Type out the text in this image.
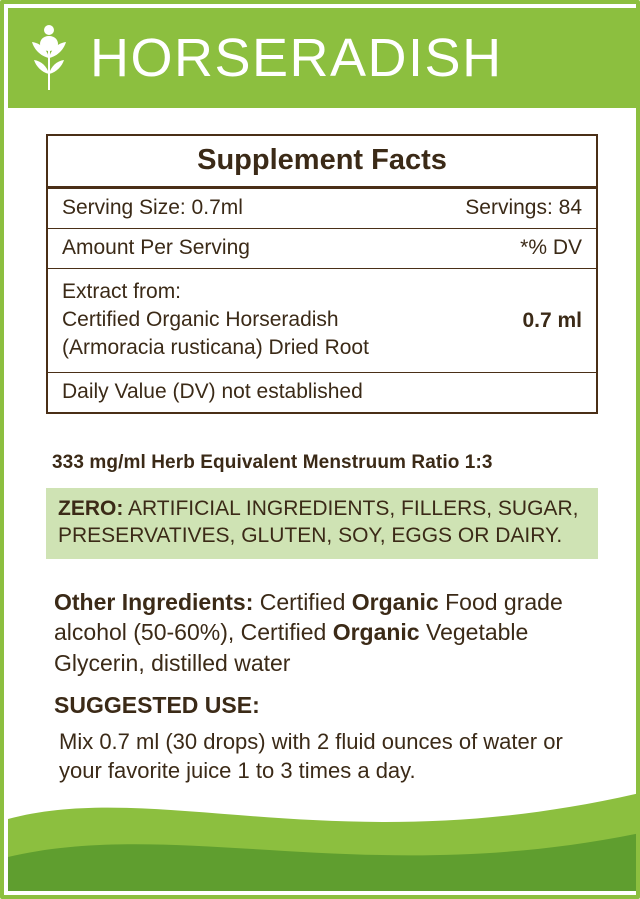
HORSERADISH
Supplement Facts
Serving Size: 0.7ml	Servings: 84
Amount Per Serving	*% DV
Extract from:
Certified Organic Horseradish
(Armoracia rusticana) Dried Root
0.7 ml
Daily Value (DV) not established
333 mg/ml Herb Equivalent Menstruum Ratio 1:3
ZERO: ARTIFICIAL INGREDIENTS, FILLERS, SUGAR, PRESERVATIVES, GLUTEN, SOY, EGGS OR DAIRY.
Other Ingredients: Certified Organic Food grade alcohol (50-60%), Certified Organic Vegetable Glycerin, distilled water
SUGGESTED USE:
Mix 0.7 ml (30 drops) with 2 fluid ounces of water or your favorite juice 1 to 3 times a day.
